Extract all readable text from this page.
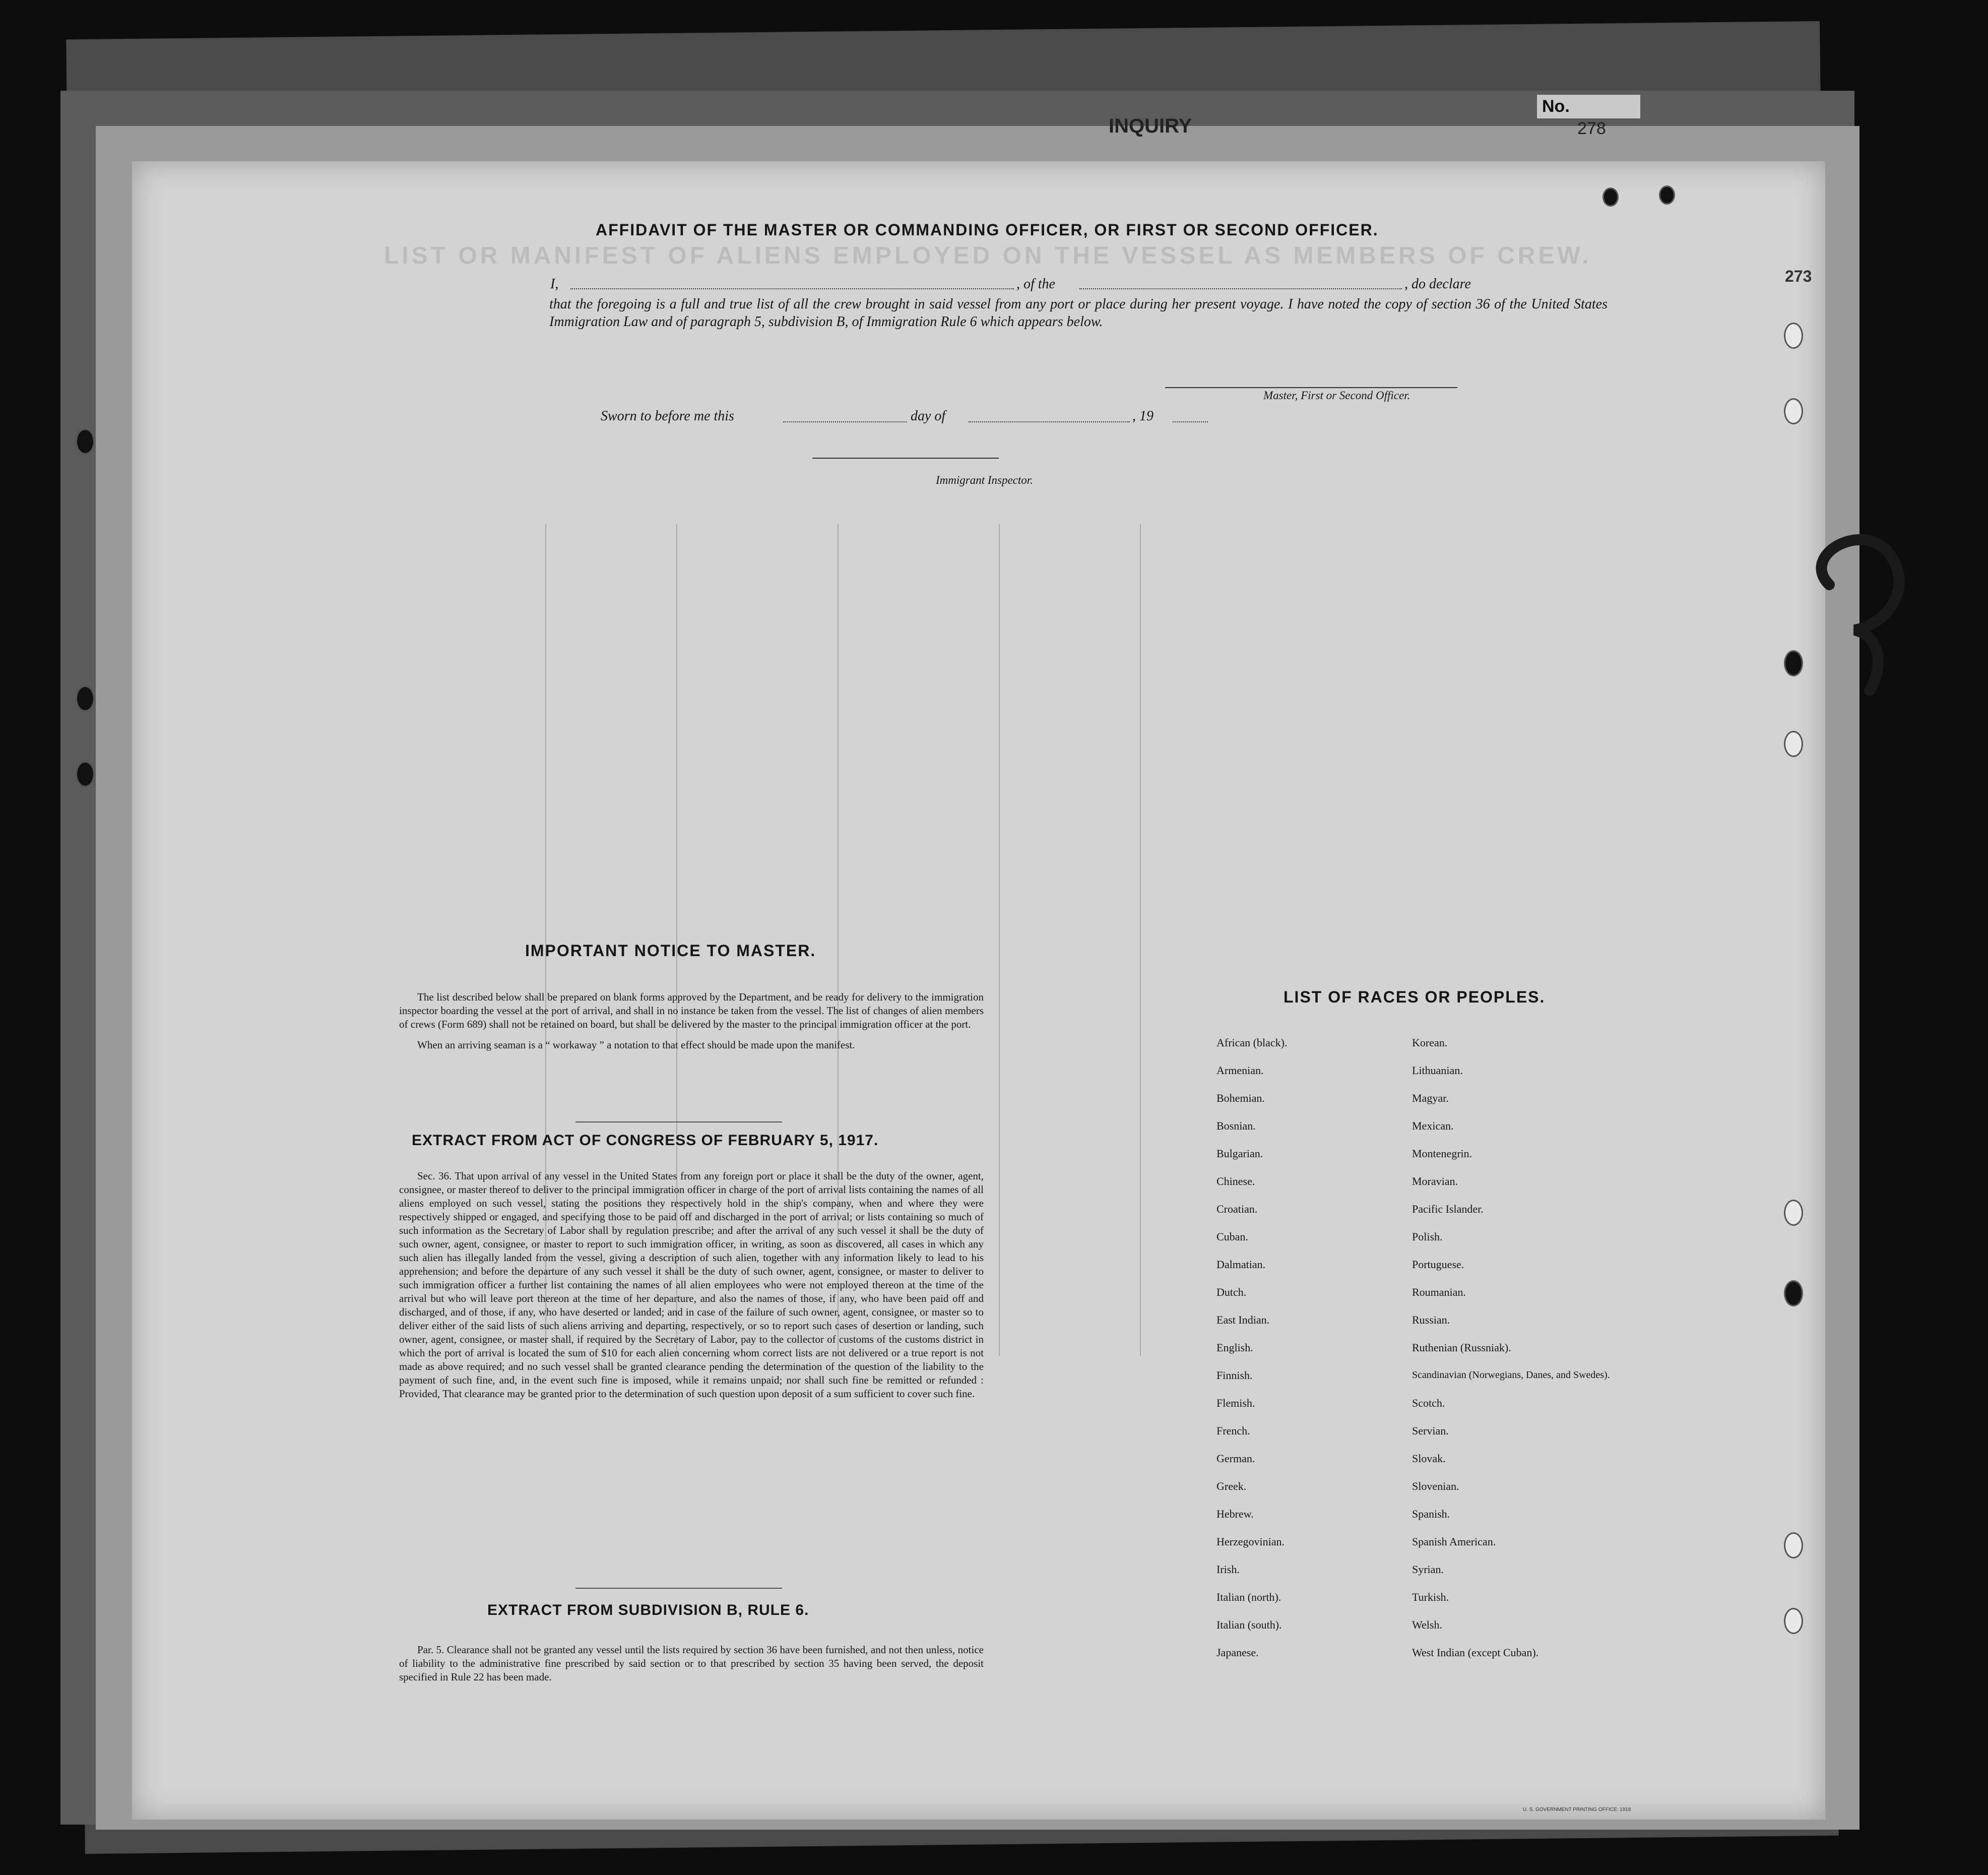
No.
INQUIRY	278
LIST OR MANIFEST OF ALIENS EMPLOYED ON THE VESSEL AS MEMBERS OF CREW.
273
AFFIDAVIT OF THE MASTER OR COMMANDING OFFICER, OR FIRST OR SECOND OFFICER.
I,	, of the	, do declare
that the foregoing is a full and true list of all the crew brought in said vessel from any port or place during her present voyage. I have noted the copy of section 36 of the United States Immigration Law and of paragraph 5, subdivision B, of Immigration Rule 6 which appears below.
Master, First or Second Officer.
Sworn to before me this	day of	, 19
Immigrant Inspector.
IMPORTANT NOTICE TO MASTER.

The list described below shall be prepared on blank forms approved by the Department, and be ready for delivery to the immigration inspector boarding the vessel at the port of arrival, and shall in no instance be taken from the vessel. The list of changes of alien members of crews (Form 689) shall not be retained on board, but shall be delivered by the master to the principal immigration officer at the port.

When an arriving seaman is a “ workaway ” a notation to that effect should be made upon the manifest.

EXTRACT FROM ACT OF CONGRESS OF FEBRUARY 5, 1917.

Sec. 36. That upon arrival of any vessel in the United States from any foreign port or place it shall be the duty of the owner, agent, consignee, or master thereof to deliver to the principal immigration officer in charge of the port of arrival lists containing the names of all aliens employed on such vessel, stating the positions they respectively hold in the ship's company, when and where they were respectively shipped or engaged, and specifying those to be paid off and discharged in the port of arrival; or lists containing so much of such information as the Secretary of Labor shall by regulation prescribe; and after the arrival of any such vessel it shall be the duty of such owner, agent, consignee, or master to report to such immigration officer, in writing, as soon as discovered, all cases in which any such alien has illegally landed from the vessel, giving a description of such alien, together with any information likely to lead to his apprehension; and before the departure of any such vessel it shall be the duty of such owner, agent, consignee, or master to deliver to such immigration officer a further list containing the names of all alien employees who were not employed thereon at the time of the arrival but who will leave port thereon at the time of her departure, and also the names of those, if any, who have been paid off and discharged, and of those, if any, who have deserted or landed; and in case of the failure of such owner, agent, consignee, or master so to deliver either of the said lists of such aliens arriving and departing, respectively, or so to report such cases of desertion or landing, such owner, agent, consignee, or master shall, if required by the Secretary of Labor, pay to the collector of customs of the customs district in which the port of arrival is located the sum of $10 for each alien concerning whom correct lists are not delivered or a true report is not made as above required; and no such vessel shall be granted clearance pending the determination of the question of the liability to the payment of such fine, and, in the event such fine is imposed, while it remains unpaid; nor shall such fine be remitted or refunded : Provided, That clearance may be granted prior to the determination of such question upon deposit of a sum sufficient to cover such fine.

EXTRACT FROM SUBDIVISION B, RULE 6.

Par. 5. Clearance shall not be granted any vessel until the lists required by section 36 have been furnished, and not then unless, notice of liability to the administrative fine prescribed by said section or to that prescribed by section 35 having been served, the deposit specified in Rule 22 has been made.

LIST OF RACES OR PEOPLES.
African (black).
Armenian.
Bohemian.
Bosnian.
Bulgarian.
Chinese.
Croatian.
Cuban.
Dalmatian.
Dutch.
East Indian.
English.
Finnish.
Flemish.
French.
German.
Greek.
Hebrew.
Herzegovinian.
Irish.
Italian (north).
Italian (south).
Japanese.
Korean.
Lithuanian.
Magyar.
Mexican.
Montenegrin.
Moravian.
Pacific Islander.
Polish.
Portuguese.
Roumanian.
Russian.
Ruthenian (Russniak).
Scandinavian (Norwegians, Danes, and Swedes).
Scotch.
Servian.
Slovak.
Slovenian.
Spanish.
Spanish American.
Syrian.
Turkish.
Welsh.
West Indian (except Cuban).
U. S. GOVERNMENT PRINTING OFFICE: 1918
